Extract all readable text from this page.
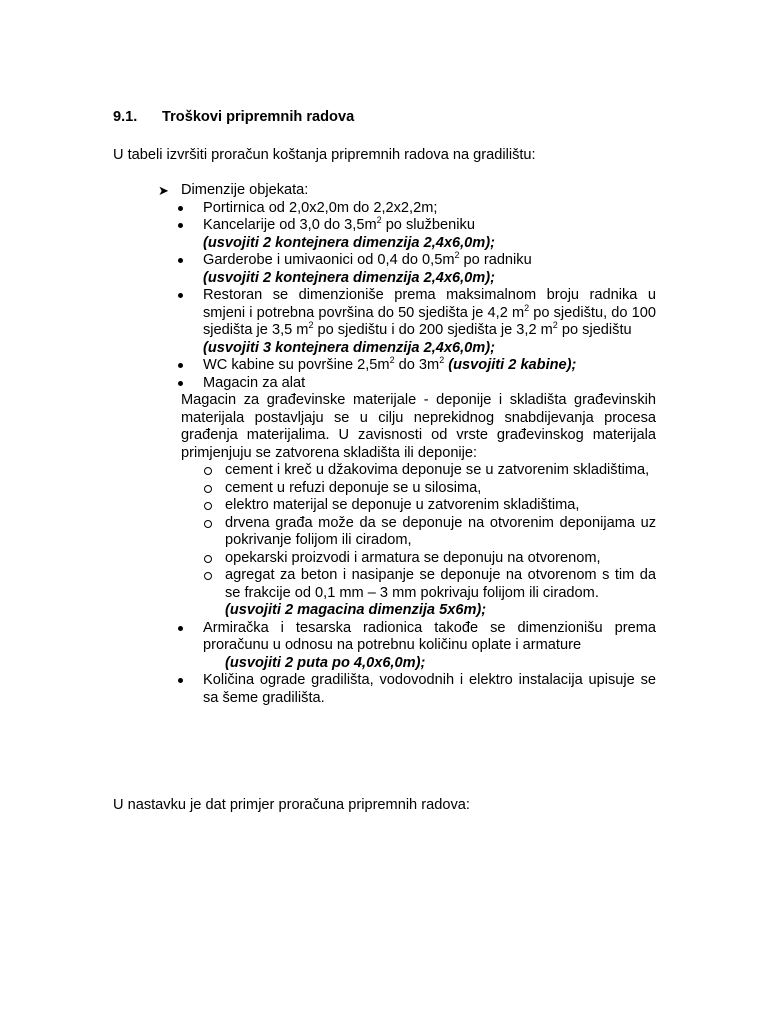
9.1. Troškovi pripremnih radova
U tabeli izvršiti proračun koštanja pripremnih radova na gradilištu:
➤ Dimenzije objekata:
Portirnica od 2,0x2,0m do 2,2x2,2m;
Kancelarije od 3,0 do $3,5m^2$ po službeniku
(usvojiti 2 kontejnera dimenzija 2,4x6,0m);
Garderobe i umivaonici od 0,4 do $0,5m^2$ po radniku
(usvojiti 2 kontejnera dimenzija 2,4x6,0m);
Restoran se dimenzioniše prema maksimalnom broju radnika u smjeni i potrebna površina do 50 sjedišta je 4,2 $m^2$ po sjedištu, do 100 sjedišta je 3,5 $m^2$ po sjedištu i do 200 sjedišta je 3,2 $m^2$ po sjedištu
(usvojiti 3 kontejnera dimenzija 2,4x6,0m);
WC kabine su površine $2,5m^2$ do $3m^2$ (usvojiti 2 kabine);
Magacin za alat
Magacin za građevinske materijale - deponije i skladišta građevinskih materijala postavljaju se u cilju neprekidnog snabdijevanja procesa građenja materijalima. U zavisnosti od vrste građevinskog materijala primjenjuju se zatvorena skladišta ili deponije:
cement i kreč u džakovima deponuje se u zatvorenim skladištima,
cement u refuzi deponuje se u silosima,
elektro materijal se deponuje u zatvorenim skladištima,
drvena građa može da se deponuje na otvorenim deponijama uz pokrivanje folijom ili ciradom,
opekarski proizvodi i armatura se deponuju na otvorenom,
agregat za beton i nasipanje se deponuje na otvorenom s tim da se frakcije od 0,1 mm – 3 mm pokrivaju folijom ili ciradom.
(usvojiti 2 magacina dimenzija 5x6m);
Armiračka i tesarska radionica takođe se dimenzionišu prema proračunu u odnosu na potrebnu količinu oplate i armature
(usvojiti 2 puta po 4,0x6,0m);
Količina ograde gradilišta, vodovodnih i elektro instalacija upisuje se sa šeme gradilišta.
U nastavku je dat primjer proračuna pripremnih radova:
